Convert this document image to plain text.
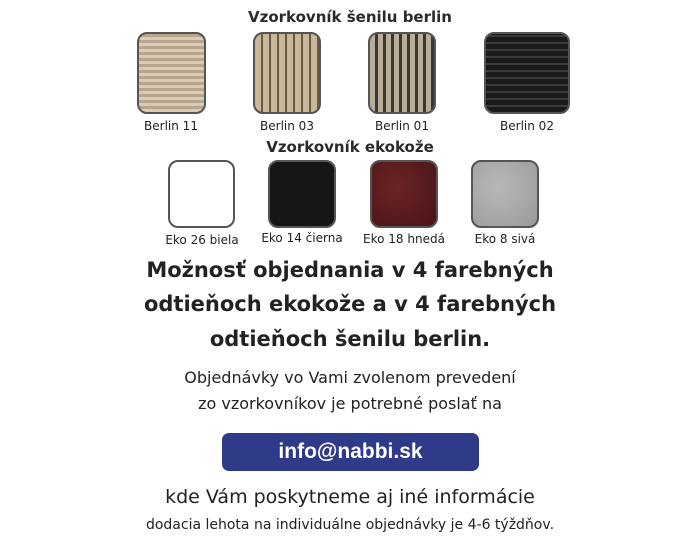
Vzorkovník šenilu berlin
Berlin 11	Berlin 03	Berlin 01	Berlin 02
Vzorkovník ekokože
Eko 26 biela	Eko 14 čierna	Eko 18 hnedá	Eko 8 sivá
Možnosť objednania v 4 farebných
odtieňoch ekokože a v 4 farebných
odtieňoch šenilu berlin.
Objednávky vo Vami zvolenom prevedení
zo vzorkovníkov je potrebné poslať na
info@nabbi.sk
kde Vám poskytneme aj iné informácie
dodacia lehota na individuálne objednávky je 4-6 týždňov.
